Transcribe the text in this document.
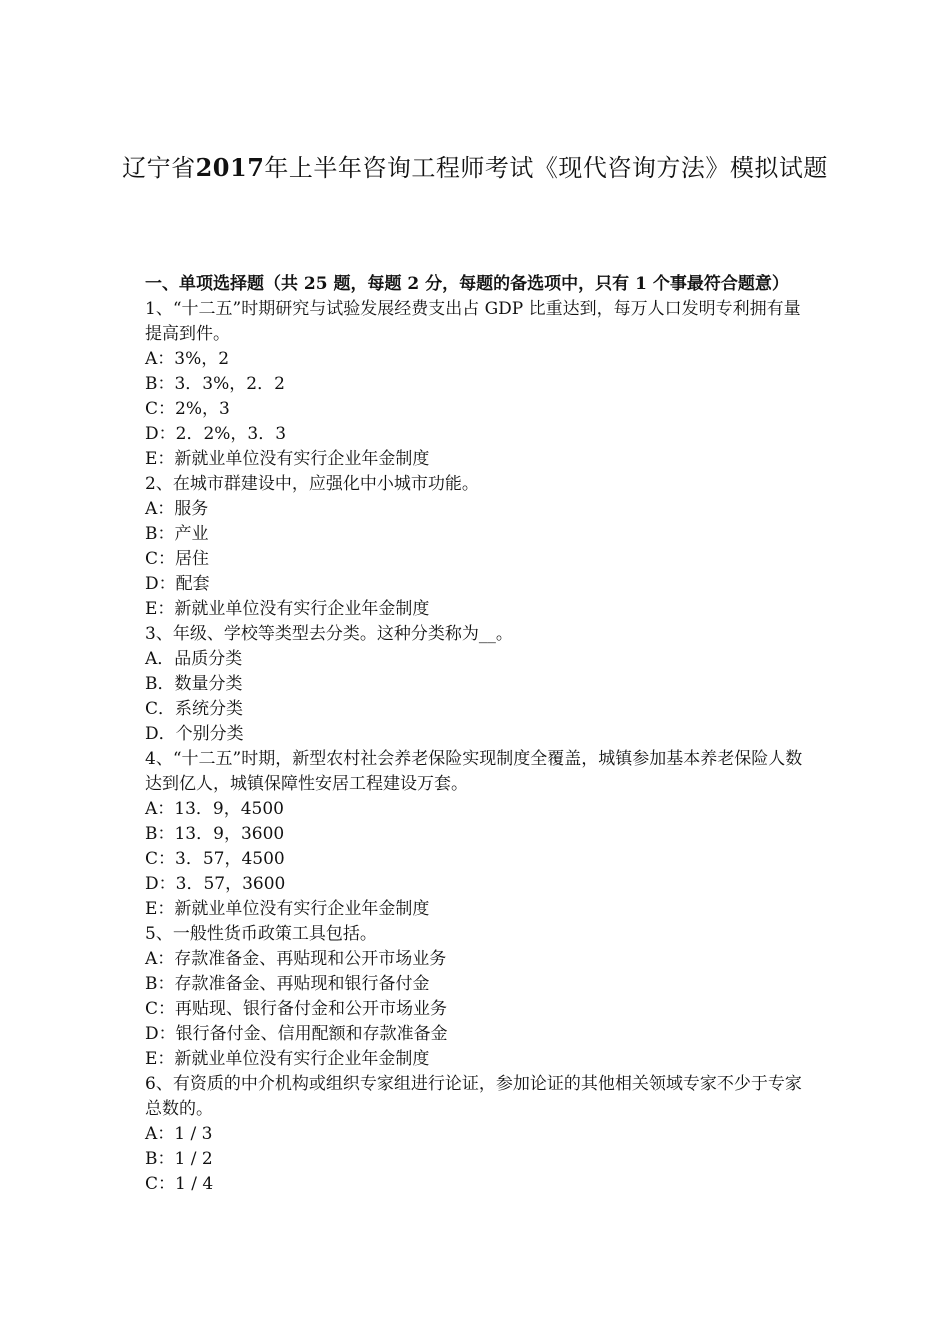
辽宁省2017年上半年咨询工程师考试《现代咨询方法》模拟试题

一、单项选择题（共 25 题，每题 2 分，每题的备选项中，只有 1 个事最符合题意）

1、“十二五”时期研究与试验发展经费支出占 GDP 比重达到，每万人口发明专利拥有量提高到件。

A：3%，2

B：3．3%，2．2

C：2%，3

D：2．2%，3．3

E：新就业单位没有实行企业年金制度

2、在城市群建设中，应强化中小城市功能。

A：服务

B：产业

C：居住

D：配套

E：新就业单位没有实行企业年金制度

3、年级、学校等类型去分类。这种分类称为__。

A．品质分类

B．数量分类

C．系统分类

D．个别分类

4、“十二五”时期，新型农村社会养老保险实现制度全覆盖，城镇参加基本养老保险人数达到亿人，城镇保障性安居工程建设万套。

A：13．9，4500

B：13．9，3600

C：3．57，4500

D：3．57，3600

E：新就业单位没有实行企业年金制度

5、一般性货币政策工具包括。

A：存款准备金、再贴现和公开市场业务

B：存款准备金、再贴现和银行备付金

C：再贴现、银行备付金和公开市场业务

D：银行备付金、信用配额和存款准备金

E：新就业单位没有实行企业年金制度

6、有资质的中介机构或组织专家组进行论证，参加论证的其他相关领域专家不少于专家总数的。

A：1 / 3

B：1 / 2

C：1 / 4
